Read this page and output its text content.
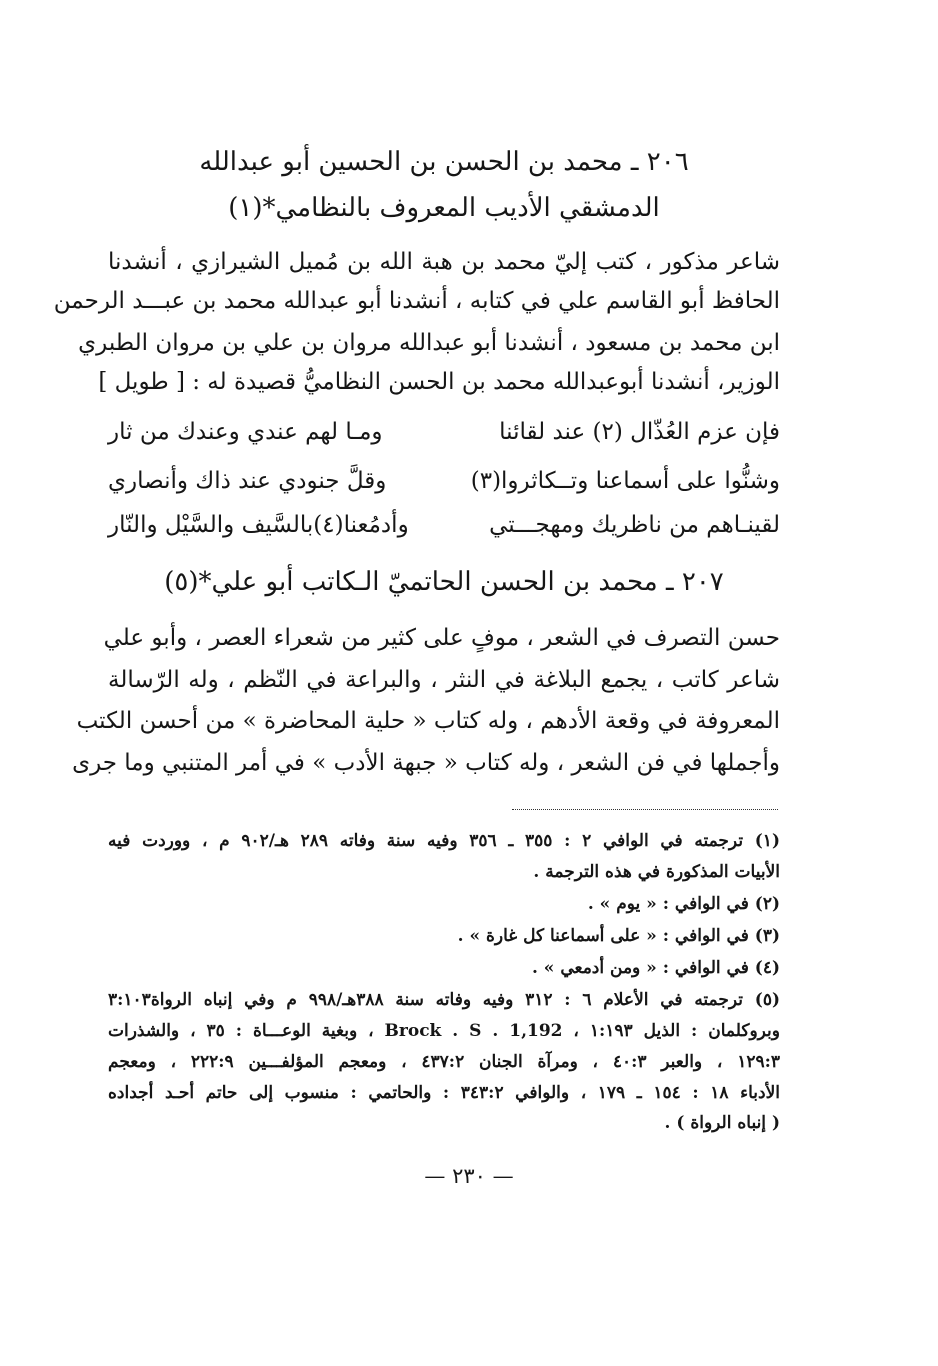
٢٠٦ ـ محمد بن الحسن بن الحسين أبو عبدالله
الدمشقي الأديب المعروف بالنظامي*(١)
شاعر مذكور ، كتب إليّ محمد بن هبة الله بن مُميل الشيرازي ، أنشدنا
الحافظ أبو القاسم علي في كتابه ، أنشدنا أبو عبدالله محمد بن عبـــد الرحمن
ابن محمد بن مسعود ، أنشدنا أبو عبدالله مروان بن علي بن مروان الطبري
الوزير، أنشدنا أبوعبدالله محمد بن الحسن النظاميُّ قصيدة له : [ طويل ]
فإن عزم العُذّال (٢) عند لقائنا
ومـا لهم عندي وعندك من ثار
وشنُّوا على أسماعنا وتــكاثروا(٣)
وقلَّ جنودي عند ذاك وأنصاري
لقينـاهم من ناظريك ومهجـــتي
وأدمُعنا(٤)بالسَّيف والسَّيْل والنّار
٢٠٧ ـ محمد بن الحسن الحاتميّ الـكاتب أبو علي*(٥)
حسن التصرف في الشعر ، موفٍ على كثير من شعراء العصر ، وأبو علي
شاعر كاتب ، يجمع البلاغة في النثر ، والبراعة في النّظم ، وله الرّسالة
المعروفة في وقعة الأدهم ، وله كتاب « حلية المحاضرة » من أحسن الكتب
وأجملها في فن الشعر ، وله كتاب « جبهة الأدب » في أمر المتنبي وما جرى
(١) ترجمته في الوافي ٢ : ٣٥٥ ـ ٣٥٦ وفيه سنة وفاته ٢٨٩ هـ/٩٠٢ م ، ووردت فيه
الأبيات المذكورة في هذه الترجمة .
(٢) في الوافي : « يوم » .
(٣) في الوافي : « على أسماعنا كل غارة » .
(٤) في الوافي : « ومن أدمعي » .
(٥) ترجمته في الأعلام ٦ : ٣١٢ وفيه وفاته سنة ٣٨٨هـ/٩٩٨ م وفي إنباه الرواة٣:١٠٣
وبروكلمان : الذيل ١:١٩٣ ، Brock . S . 1,192 ، وبغية الوعـــاة : ٣٥ ، والشذرات
١٢٩:٣ ، والعبر ٤٠:٣ ، ومرآة الجنان ٤٣٧:٢ ، ومعجم المؤلفـــين ٢٢٢:٩ ، ومعجم
الأدباء ١٨ : ١٥٤ ـ ١٧٩ ، والوافي ٣٤٣:٢ : والحاتمي : منسوب إلى حاتم أحـد أجداده
( إنباه الرواة ) .
— ٢٣٠ —
